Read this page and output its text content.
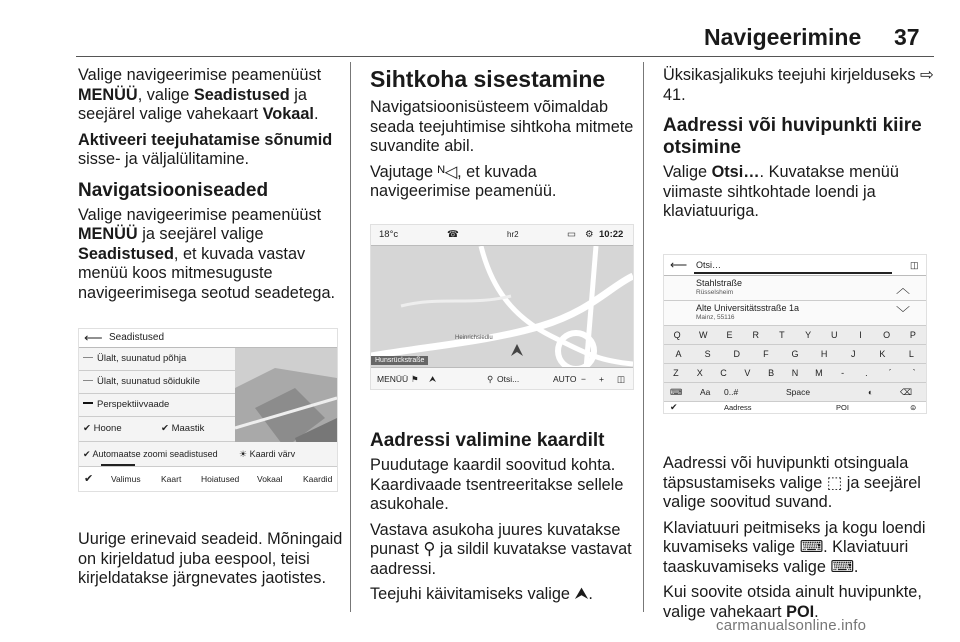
Navigeerimine 37

Valige navigeerimise peamenüüst MENÜÜ, valige Seadistused ja seejärel valige vahekaart Vokaal.

Aktiveeri teejuhatamise sõnumid sisse- ja väljalülitamine.

Navigatsiooniseaded

Valige navigeerimise peamenüüst MENÜÜ ja seejärel valige Seadistused, et kuvada vastav menüü koos mitmesuguste navigeerimisega seotud seadetega.

⟵ Seadistused
Ülalt, suunatud põhja
Ülalt, suunatud sõidukile
Perspektiivvaade
✔ Hoone	✔ Maastik
✔ Automaatse zoomi seadistused	☀ Kaardi värv
✔ Valimus Kaart Hoiatused Vokaal Kaardid

Uurige erinevaid seadeid. Mõningaid on kirjeldatud juba eespool, teisi kirjeldatakse järgnevates jaotistes.

Sihtkoha sisestamine

Navigatsioonisüsteem võimaldab seada teejuhtimise sihtkoha mitmete suvandite abil.

Vajutage ᴺ◁, et kuvada navigeerimise peamenüü.

18°c	☎	hr2	▭ ⚙ 10:22
Hunsrückstraße
Heinrichsiedlu
MENÜÜ ⚑ ⮝	⚲ Otsi...	AUTO − + ◫
Aadressi valimine kaardilt

Puudutage kaardil soovitud kohta. Kaardivaade tsentreeritakse sellele asukohale.

Vastava asukoha juures kuvatakse punast ⚲ ja sildil kuvatakse vastavat aadressi.

Teejuhi käivitamiseks valige ⮝.

Üksikasjalikuks teejuhi kirjelduseks ⇨ 41.

Aadressi või huvipunkti kiire otsimine

Valige Otsi…. Kuvatakse menüü viimaste sihtkohtade loendi ja klaviatuuriga.

⟵ Otsi…	◫
Stahlstraße
Rüsselsheim	︿
Alte Universitätsstraße 1a
Mainz, 55116	﹀
Q	W	E	R	T	Y	U	I	O	P
A	S	D	F	G	H	J	K	L
Z	X	C	V	B	N	M	-	.	´	`
⌨ Aa 0..#	Space	◐	⌫
✔	Aadress	POI	⊜

Aadressi või huvipunkti otsinguala täpsustamiseks valige ⬚ ja seejärel valige soovitud suvand.

Klaviatuuri peitmiseks ja kogu loendi kuvamiseks valige ⌨. Klaviatuuri taaskuvamiseks valige ⌨.

Kui soovite otsida ainult huvipunkte, valige vahekaart POI.

carmanualsonline.info
